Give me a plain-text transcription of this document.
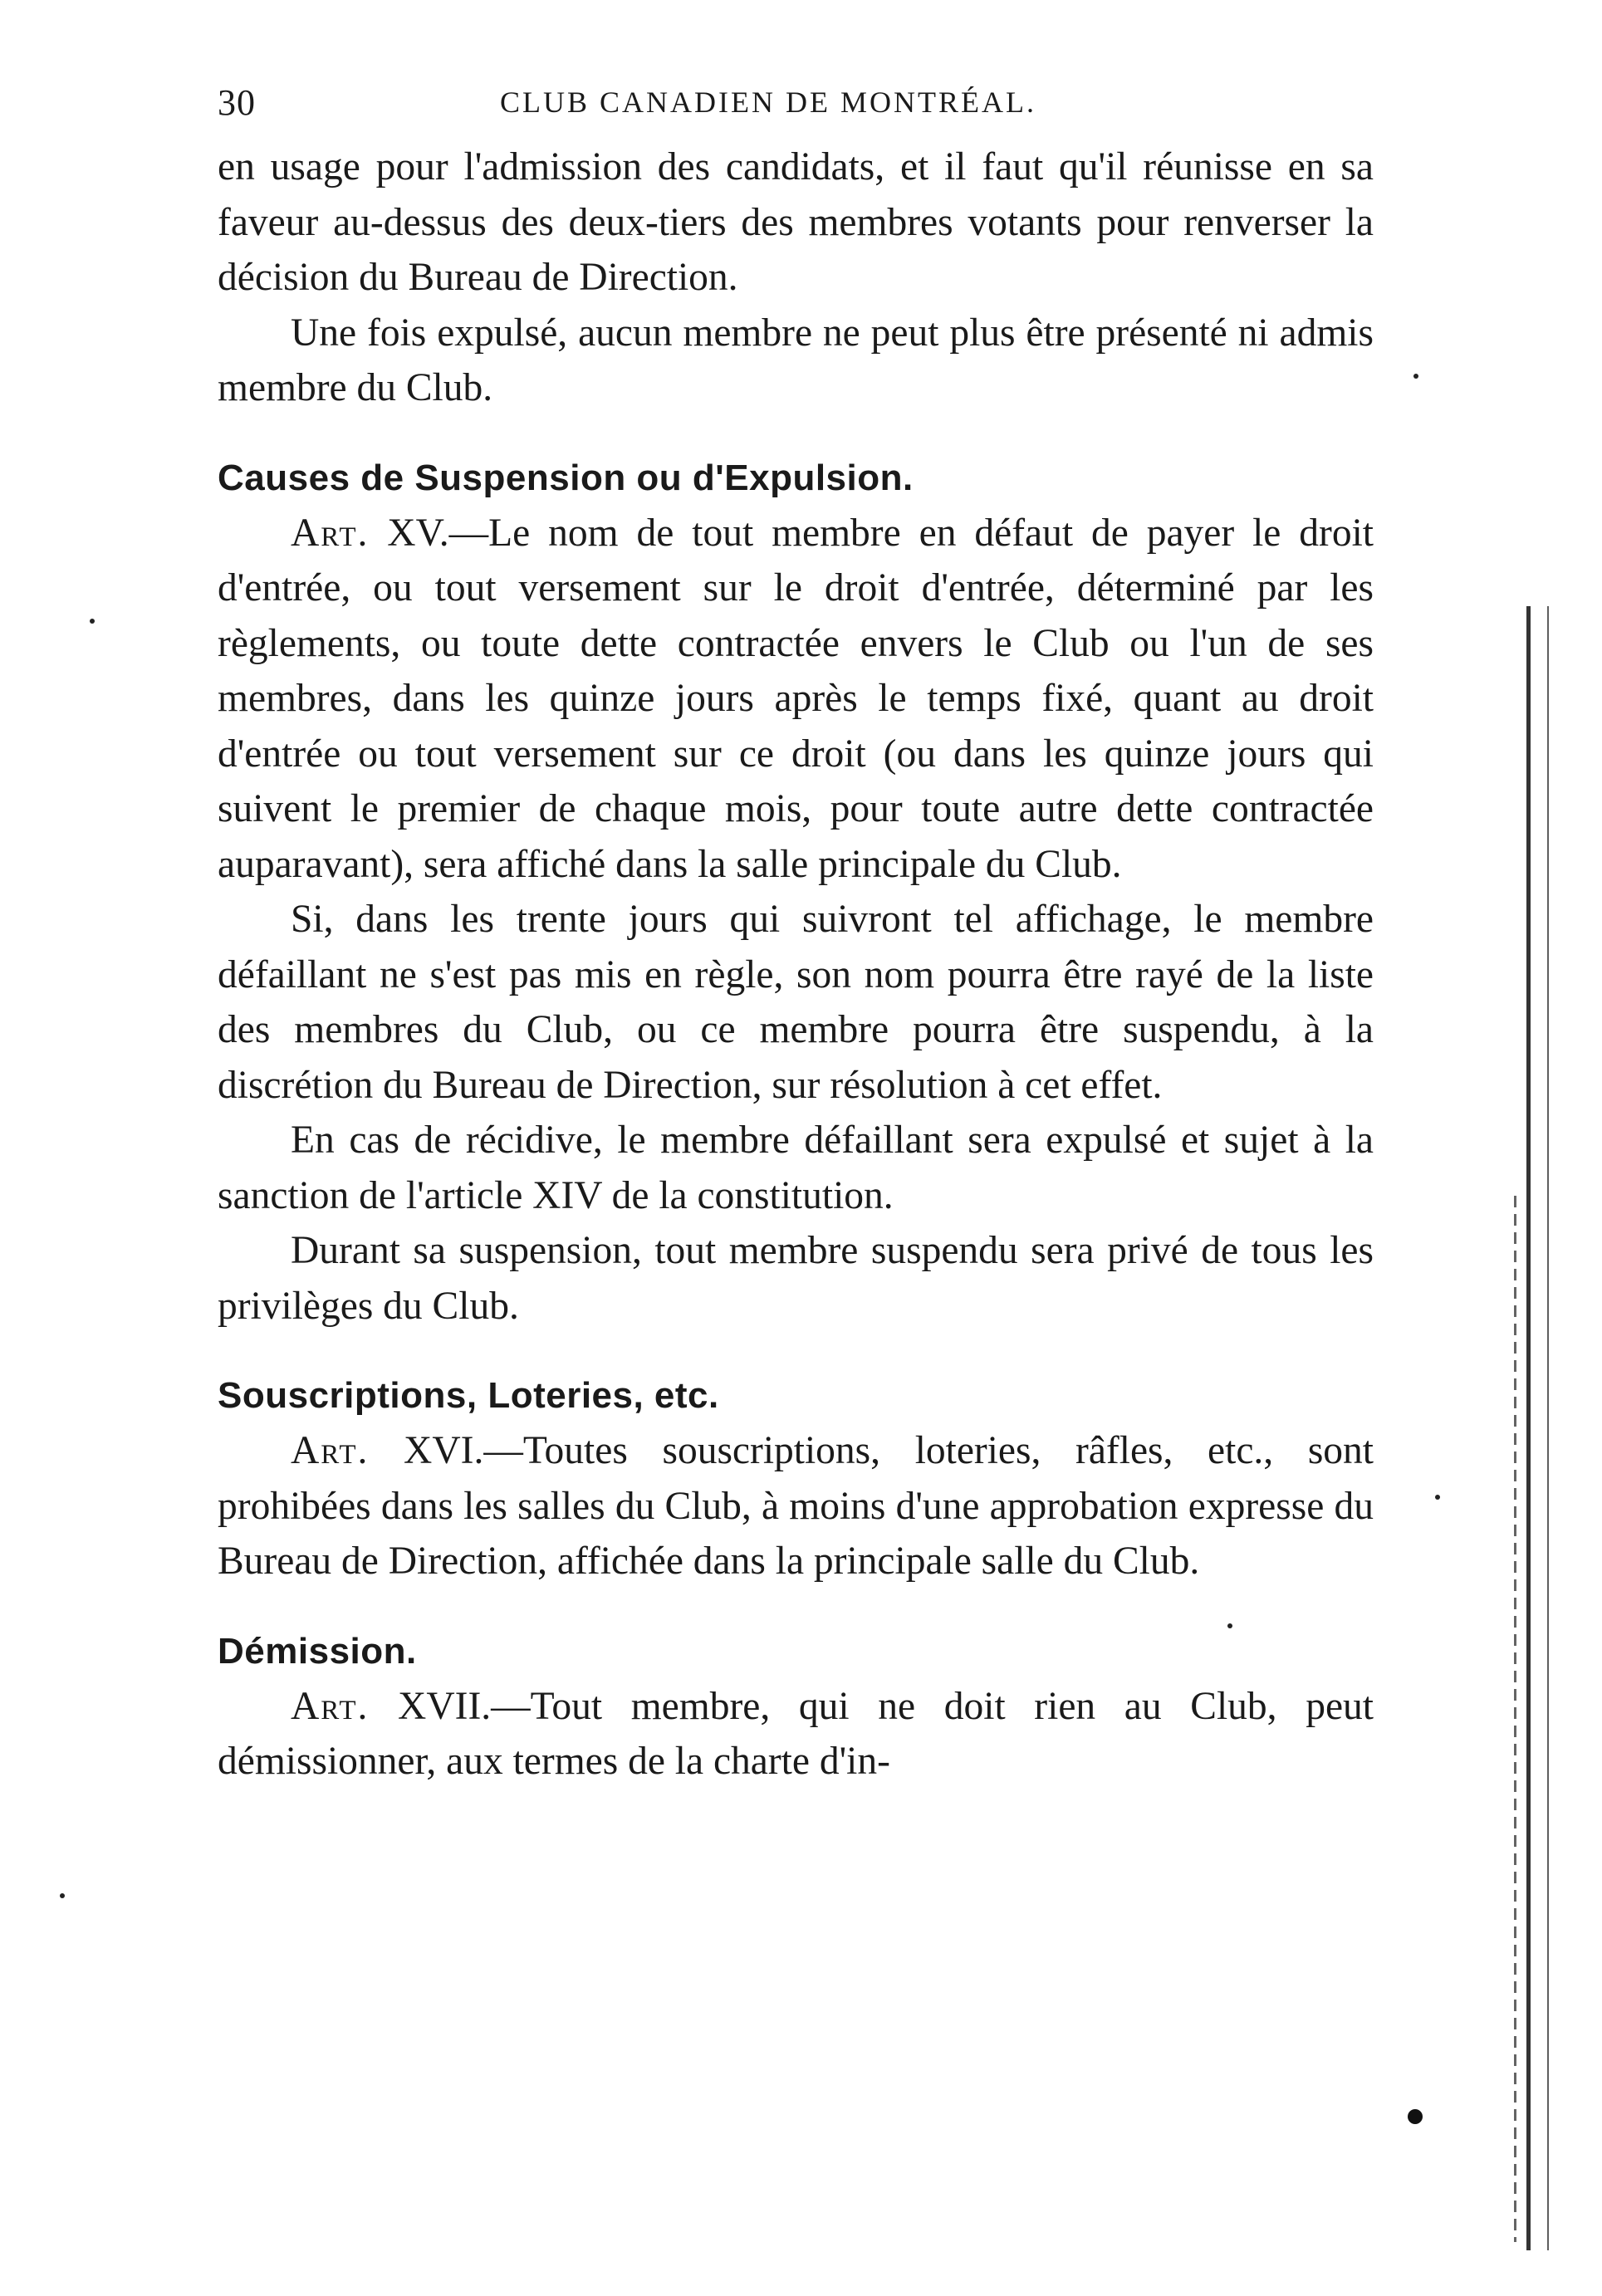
30	CLUB CANADIEN DE MONTRÉAL.

en usage pour l'admission des candidats, et il faut qu'il réunisse en sa faveur au-dessus des deux-tiers des membres votants pour renverser la décision du Bureau de Direction.

Une fois expulsé, aucun membre ne peut plus être présenté ni admis membre du Club.

Causes de Suspension ou d'Expulsion.

Art. XV.—Le nom de tout membre en défaut de payer le droit d'entrée, ou tout versement sur le droit d'entrée, déterminé par les règlements, ou toute dette contractée envers le Club ou l'un de ses membres, dans les quinze jours après le temps fixé, quant au droit d'entrée ou tout versement sur ce droit (ou dans les quinze jours qui suivent le premier de chaque mois, pour toute autre dette contractée auparavant), sera affiché dans la salle principale du Club.

Si, dans les trente jours qui suivront tel affichage, le membre défaillant ne s'est pas mis en règle, son nom pourra être rayé de la liste des membres du Club, ou ce membre pourra être suspendu, à la discrétion du Bureau de Direction, sur résolution à cet effet.

En cas de récidive, le membre défaillant sera expulsé et sujet à la sanction de l'article XIV de la constitution.

Durant sa suspension, tout membre suspendu sera privé de tous les privilèges du Club.

Souscriptions, Loteries, etc.

Art. XVI.—Toutes souscriptions, loteries, râfles, etc., sont prohibées dans les salles du Club, à moins d'une approbation expresse du Bureau de Direction, affichée dans la principale salle du Club.

Démission.

Art. XVII.—Tout membre, qui ne doit rien au Club, peut démissionner, aux termes de la charte d'in-
